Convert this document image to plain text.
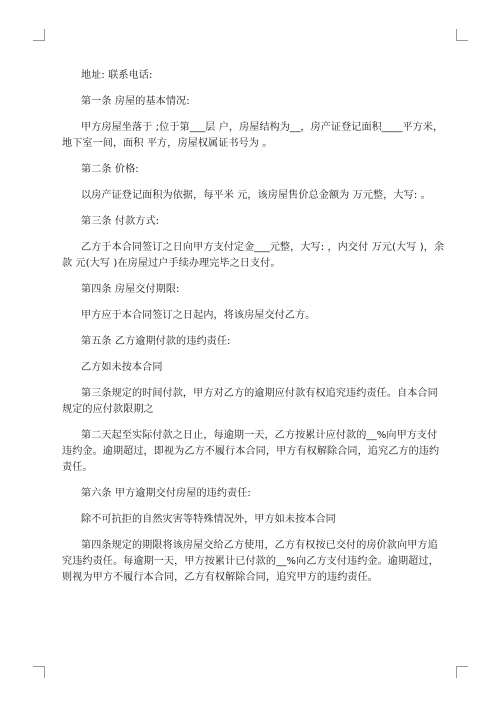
地址: 联系电话:

第一条 房屋的基本情况:

甲方房屋坐落于 ;位于第___层 户，房屋结构为__，房产证登记面积____平方米，地下室一间，面积 平方，房屋权属证书号为 。

第二条 价格:

以房产证登记面积为依据，每平米 元，该房屋售价总金额为 万元整，大写: 。

第三条 付款方式:

乙方于本合同签订之日向甲方支付定金___元整，大写: ，内交付 万元(大写 )，余款 元(大写 )在房屋过户手续办理完毕之日支付。

第四条 房屋交付期限:

甲方应于本合同签订之日起内，将该房屋交付乙方。

第五条 乙方逾期付款的违约责任:

乙方如未按本合同

第三条规定的时间付款，甲方对乙方的逾期应付款有权追究违约责任。自本合同规定的应付款限期之

第二天起至实际付款之日止，每逾期一天，乙方按累计应付款的__%向甲方支付违约金。逾期超过，即视为乙方不履行本合同，甲方有权解除合同，追究乙方的违约责任。

第六条 甲方逾期交付房屋的违约责任:

除不可抗拒的自然灾害等特殊情况外，甲方如未按本合同

第四条规定的期限将该房屋交给乙方使用，乙方有权按已交付的房价款向甲方追究违约责任。每逾期一天，甲方按累计已付款的__%向乙方支付违约金。逾期超过，则视为甲方不履行本合同，乙方有权解除合同，追究甲方的违约责任。
